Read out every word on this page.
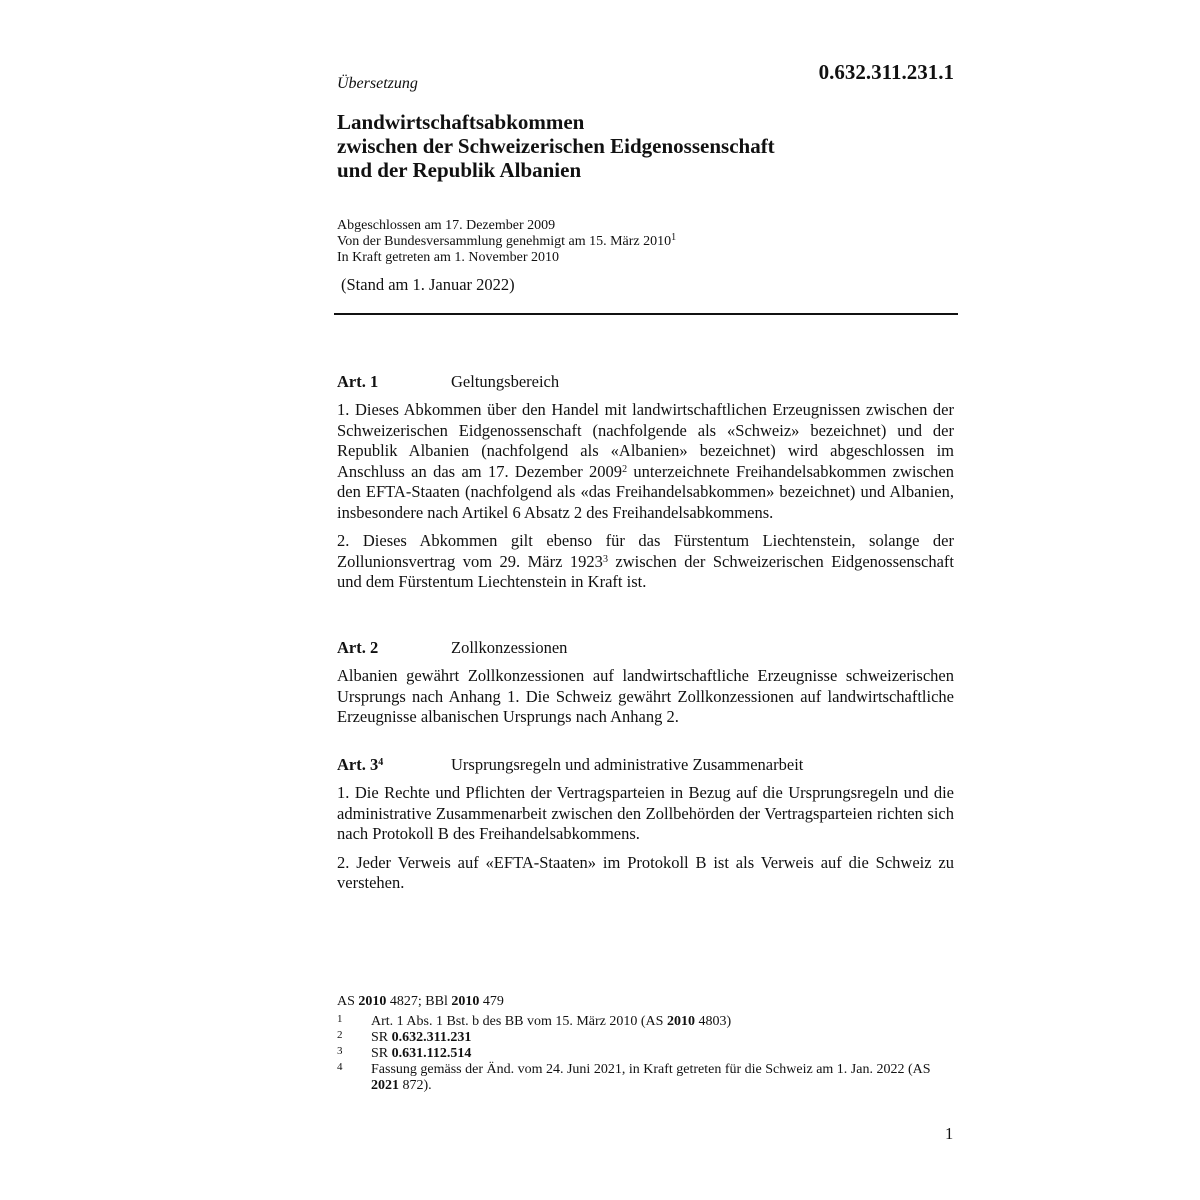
0.632.311.231.1
Übersetzung
Landwirtschaftsabkommen
zwischen der Schweizerischen Eidgenossenschaft
und der Republik Albanien
Abgeschlossen am 17. Dezember 2009
Von der Bundesversammlung genehmigt am 15. März 2010$^1$
In Kraft getreten am 1. November 2010
(Stand am 1. Januar 2022)
Art. 1	Geltungsbereich
1. Dieses Abkommen über den Handel mit landwirtschaftlichen Erzeugnissen zwischen der Schweizerischen Eidgenossenschaft (nachfolgende als «Schweiz» bezeichnet) und der Republik Albanien (nachfolgend als «Albanien» bezeichnet) wird abgeschlossen im Anschluss an das am 17. Dezember 2009$^2$ unterzeichnete Freihandelsabkommen zwischen den EFTA-Staaten (nachfolgend als «das Freihandelsabkommen» bezeichnet) und Albanien, insbesondere nach Artikel 6 Absatz 2 des Freihandelsabkommens.
2. Dieses Abkommen gilt ebenso für das Fürstentum Liechtenstein, solange der Zollunionsvertrag vom 29. März 1923$^3$ zwischen der Schweizerischen Eidgenossenschaft und dem Fürstentum Liechtenstein in Kraft ist.
Art. 2	Zollkonzessionen
Albanien gewährt Zollkonzessionen auf landwirtschaftliche Erzeugnisse schweizerischen Ursprungs nach Anhang 1. Die Schweiz gewährt Zollkonzessionen auf landwirtschaftliche Erzeugnisse albanischen Ursprungs nach Anhang 2.
Art. $3^4$	Ursprungsregeln und administrative Zusammenarbeit
1. Die Rechte und Pflichten der Vertragsparteien in Bezug auf die Ursprungsregeln und die administrative Zusammenarbeit zwischen den Zollbehörden der Vertragsparteien richten sich nach Protokoll B des Freihandelsabkommens.
2. Jeder Verweis auf «EFTA-Staaten» im Protokoll B ist als Verweis auf die Schweiz zu verstehen.
AS 2010 4827; BBl 2010 479
1 Art. 1 Abs. 1 Bst. b des BB vom 15. März 2010 (AS 2010 4803)
2 SR 0.632.311.231
3 SR 0.631.112.514
4 Fassung gemäss der Änd. vom 24. Juni 2021, in Kraft getreten für die Schweiz am 1. Jan. 2022 (AS 2021 872).
1
